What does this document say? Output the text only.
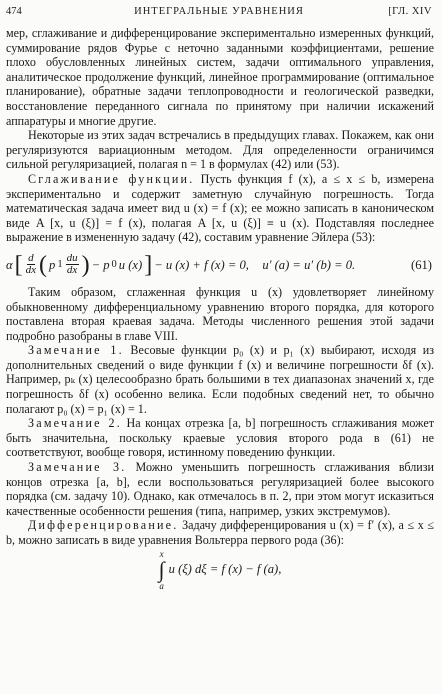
474	ИНТЕГРАЛЬНЫЕ УРАВНЕНИЯ	[ГЛ. XIV

мер, сглаживание и дифференцирование экспериментально измеренных функций, суммирование рядов Фурье с неточно заданными коэффициентами, решение плохо обусловленных линейных систем, задачи оптимального управления, аналитическое продолжение функций, линейное программирование (оптимальное планирование), обратные задачи теплопроводности и геологической разведки, восстановление переданного сигнала по принятому при наличии искажений аппаратуры и многие другие.

Некоторые из этих задач встречались в предыдущих главах. Покажем, как они регуляризуются вариационным методом. Для определенности ограничимся сильной регуляризацией, полагая n = 1 в формулах (42) или (53).

Сглаживание функции. Пусть функция f (x), a ≤ x ≤ b, измерена экспериментально и содержит заметную случайную погрешность. Тогда математическая задача имеет вид u (x) = f (x); ее можно записать в каноническом виде A [x, u (ξ)] = f (x), полагая A [x, u (ξ)] ≡ u (x). Подставляя последнее выражение в измененную задачу (42), составим уравнение Эйлера (53):

α [ $\frac{d}{dx}$ ( p $1 \frac{du}{dx}$ ) − p 0 u (x) ] − u (x) + f (x) = 0,
u′ (a) = u′ (b) = 0.	(61)

Таким образом, сглаженная функция u (x) удовлетворяет линейному обыкновенному дифференциальному уравнению второго порядка, для которого поставлена вторая краевая задача. Методы численного решения этой задачи подробно разобраны в главе VIII.

Замечание 1. Весовые функции p₀ (x) и p₁ (x) выбирают, исходя из дополнительных сведений о виде функции f (x) и величине погрешности δf (x). Например, pₖ (x) целесообразно брать большими в тех диапазонах значений x, где погрешность δf (x) особенно велика. Если подобных сведений нет, то обычно полагают p₀ (x) = p₁ (x) = 1.

Замечание 2. На концах отрезка [a, b] погрешность сглаживания может быть значительна, поскольку краевые условия второго рода в (61) не соответствуют, вообще говоря, истинному поведению функции.

Замечание 3. Можно уменьшить погрешность сглаживания вблизи концов отрезка [a, b], если воспользоваться регуляризацией более высокого порядка (см. задачу 10). Однако, как отмечалось в п. 2, при этом могут исказиться качественные особенности решения (типа, например, узких экстремумов).

Дифференцирование. Задачу дифференцирования u (x) = f′ (x), a ≤ x ≤ b, можно записать в виде уравнения Вольтерра первого рода (36):

x
∫
a
u (ξ) dξ = f (x) − f (a),
